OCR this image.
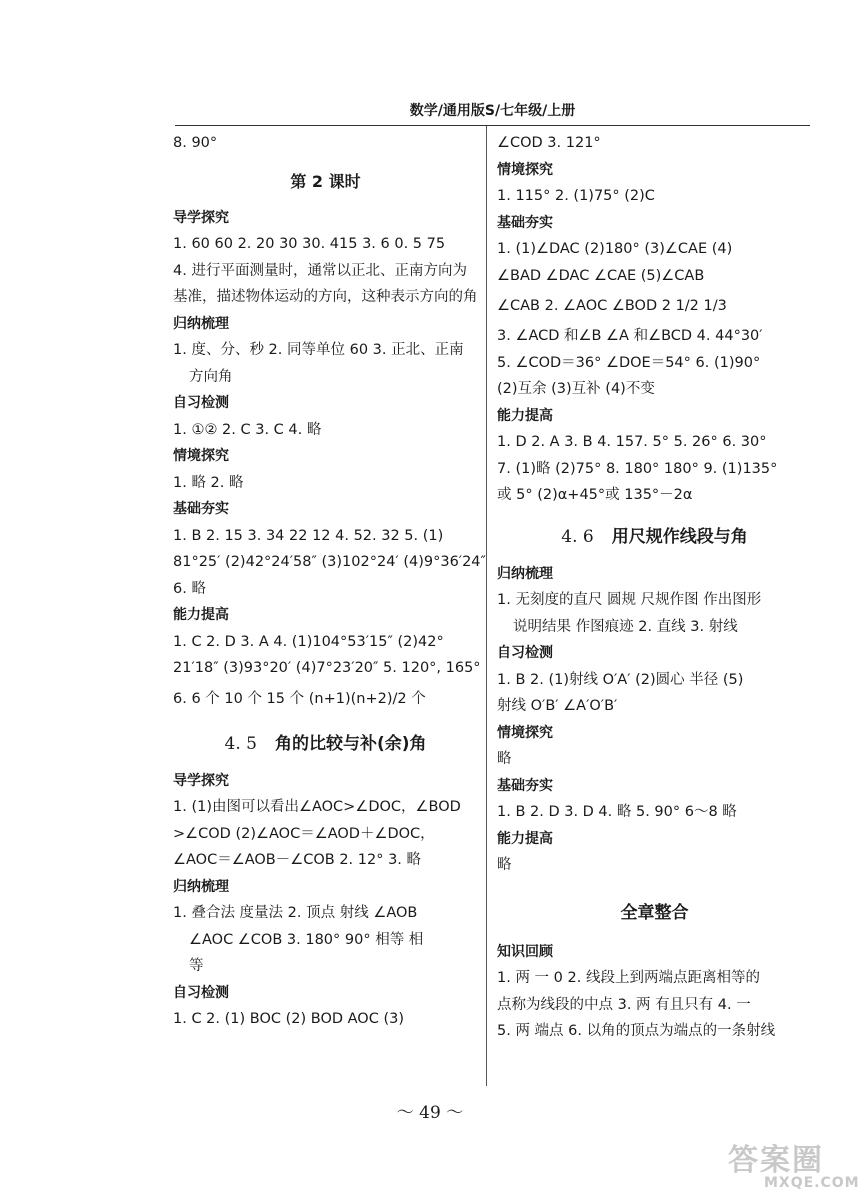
数学/通用版S/七年级/上册
8. 90°
第 2 课时
导学探究
1. 60 60 2. 20 30 30. 415 3. 6 0. 5 75
4. 进行平面测量时，通常以正北、正南方向为
基准，描述物体运动的方向，这种表示方向的角
归纳梳理
1. 度、分、秒 2. 同等单位 60 3. 正北、正南
方向角
自习检测
1. ①② 2. C 3. C 4. 略
情境探究
1. 略 2. 略
基础夯实
1. B 2. 15 3. 34 22 12 4. 52. 32 5. (1)
81°25′ (2)42°24′58″ (3)102°24′ (4)9°36′24″
6. 略
能力提高
1. C 2. D 3. A 4. (1)104°53′15″ (2)42°
21′18″ (3)93°20′ (4)7°23′20″ 5. 120°, 165°
6. 6 个 10 个 15 个 (n+1)(n+2)/2 个
4. 5 角的比较与补(余)角
导学探究
1. (1)由图可以看出∠AOC>∠DOC，∠BOD
>∠COD (2)∠AOC＝∠AOD＋∠DOC，
∠AOC＝∠AOB－∠COB 2. 12° 3. 略
归纳梳理
1. 叠合法 度量法 2. 顶点 射线 ∠AOB
∠AOC ∠COB 3. 180° 90° 相等 相
等
自习检测
1. C 2. (1) BOC (2) BOD AOC (3)
∠COD 3. 121°
情境探究
1. 115° 2. (1)75° (2)C
基础夯实
1. (1)∠DAC (2)180° (3)∠CAE (4)
∠BAD ∠DAC ∠CAE (5)∠CAB
∠CAB 2. ∠AOC ∠BOD 2 1/2 1/3
3. ∠ACD 和∠B ∠A 和∠BCD 4. 44°30′
5. ∠COD＝36° ∠DOE＝54° 6. (1)90°
(2)互余 (3)互补 (4)不变
能力提高
1. D 2. A 3. B 4. 157. 5° 5. 26° 6. 30°
7. (1)略 (2)75° 8. 180° 180° 9. (1)135°
或 5° (2)α+45°或 135°－2α
4. 6 用尺规作线段与角
归纳梳理
1. 无刻度的直尺 圆规 尺规作图 作出图形
说明结果 作图痕迹 2. 直线 3. 射线
自习检测
1. B 2. (1)射线 O′A′ (2)圆心 半径 (5)
射线 O′B′ ∠A′O′B′
情境探究
略
基础夯实
1. B 2. D 3. D 4. 略 5. 90° 6～8 略
能力提高
略
全章整合
知识回顾
1. 两 一 0 2. 线段上到两端点距离相等的
点称为线段的中点 3. 两 有且只有 4. 一
5. 两 端点 6. 以角的顶点为端点的一条射线
～ 49 ～
答案圈
MXQE.COM
